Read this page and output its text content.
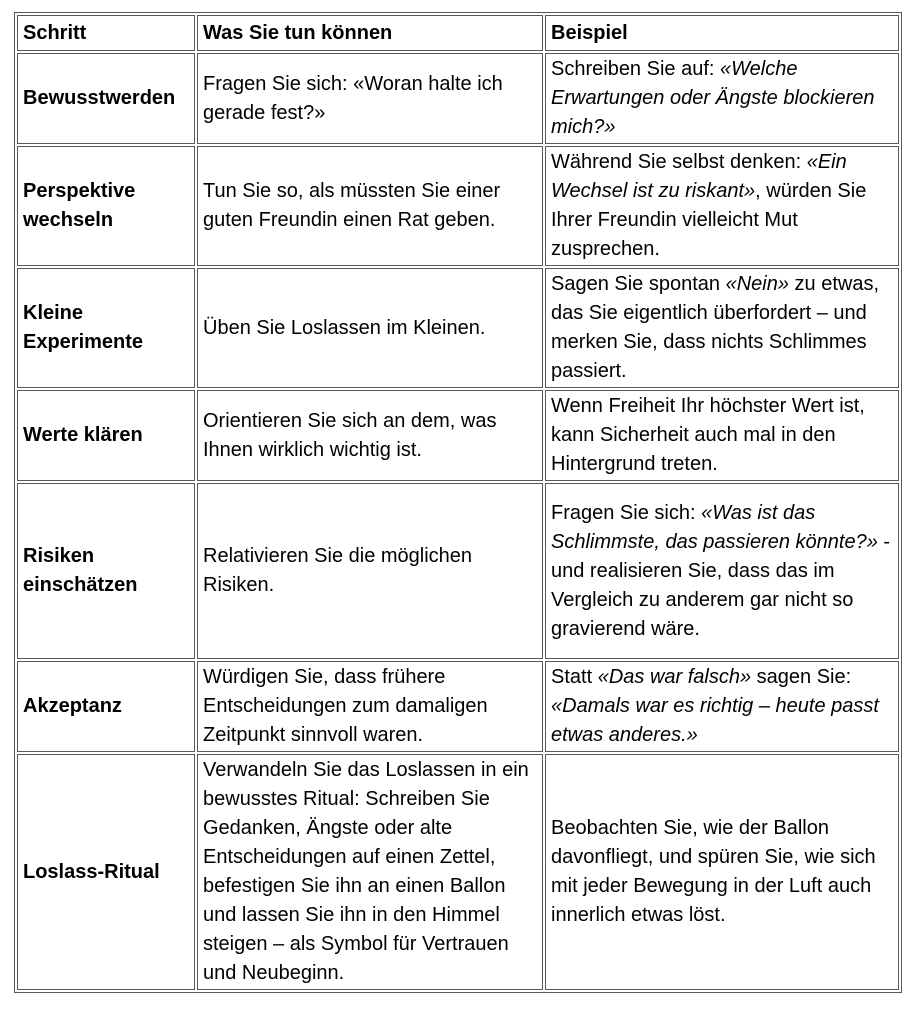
Schritt	Was Sie tun können	Beispiel
Bewusstwerden	Fragen Sie sich: «Woran halte ich gerade fest?»	Schreiben Sie auf: «Welche Erwartungen oder Ängste blockieren mich?»
Perspektive wechseln	Tun Sie so, als müssten Sie einer guten Freundin einen Rat geben.	Während Sie selbst denken: «Ein Wechsel ist zu riskant», würden Sie Ihrer Freundin vielleicht Mut zusprechen.
Kleine Experimente	Üben Sie Loslassen im Kleinen.	Sagen Sie spontan «Nein» zu etwas, das Sie eigentlich überfordert – und merken Sie, dass nichts Schlimmes passiert.
Werte klären	Orientieren Sie sich an dem, was Ihnen wirklich wichtig ist.	Wenn Freiheit Ihr höchster Wert ist, kann Sicherheit auch mal in den Hintergrund treten.
Risiken einschätzen	Relativieren Sie die möglichen Risiken.	Fragen Sie sich: «Was ist das Schlimmste, das passieren könnte?» - und realisieren Sie, dass das im Vergleich zu anderem gar nicht so gravierend wäre.
Akzeptanz	Würdigen Sie, dass frühere Entscheidungen zum damaligen Zeitpunkt sinnvoll waren.	Statt «Das war falsch» sagen Sie: «Damals war es richtig – heute passt etwas anderes.»
Loslass-Ritual	Verwandeln Sie das Loslassen in ein bewusstes Ritual: Schreiben Sie Gedanken, Ängste oder alte Entscheidungen auf einen Zettel, befestigen Sie ihn an einen Ballon und lassen Sie ihn in den Himmel steigen – als Symbol für Vertrauen und Neubeginn.	Beobachten Sie, wie der Ballon davonfliegt, und spüren Sie, wie sich mit jeder Bewegung in der Luft auch innerlich etwas löst.
